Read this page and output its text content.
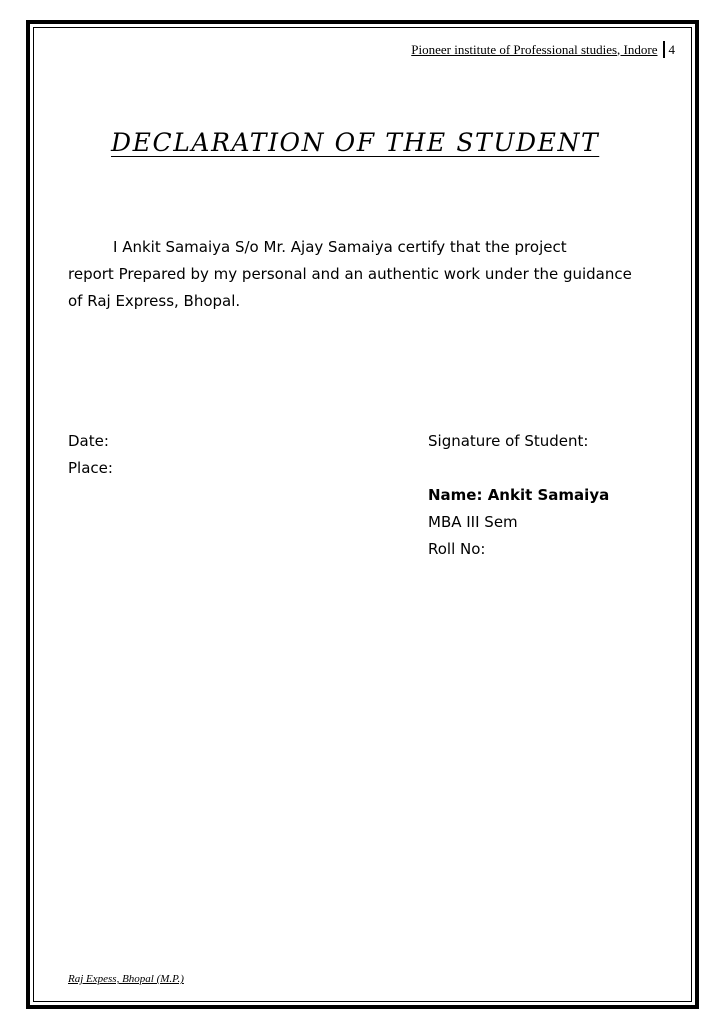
Pioneer institute of Professional studies, Indore 4
DECLARATION OF THE STUDENT
I Ankit Samaiya S/o Mr. Ajay Samaiya certify that the project
report Prepared by my personal and an authentic work under the guidance
of Raj Express, Bhopal.
Date:
Place:
Signature of Student:
Name: Ankit Samaiya
MBA III Sem
Roll No:
Raj Expess, Bhopal (M.P.)
